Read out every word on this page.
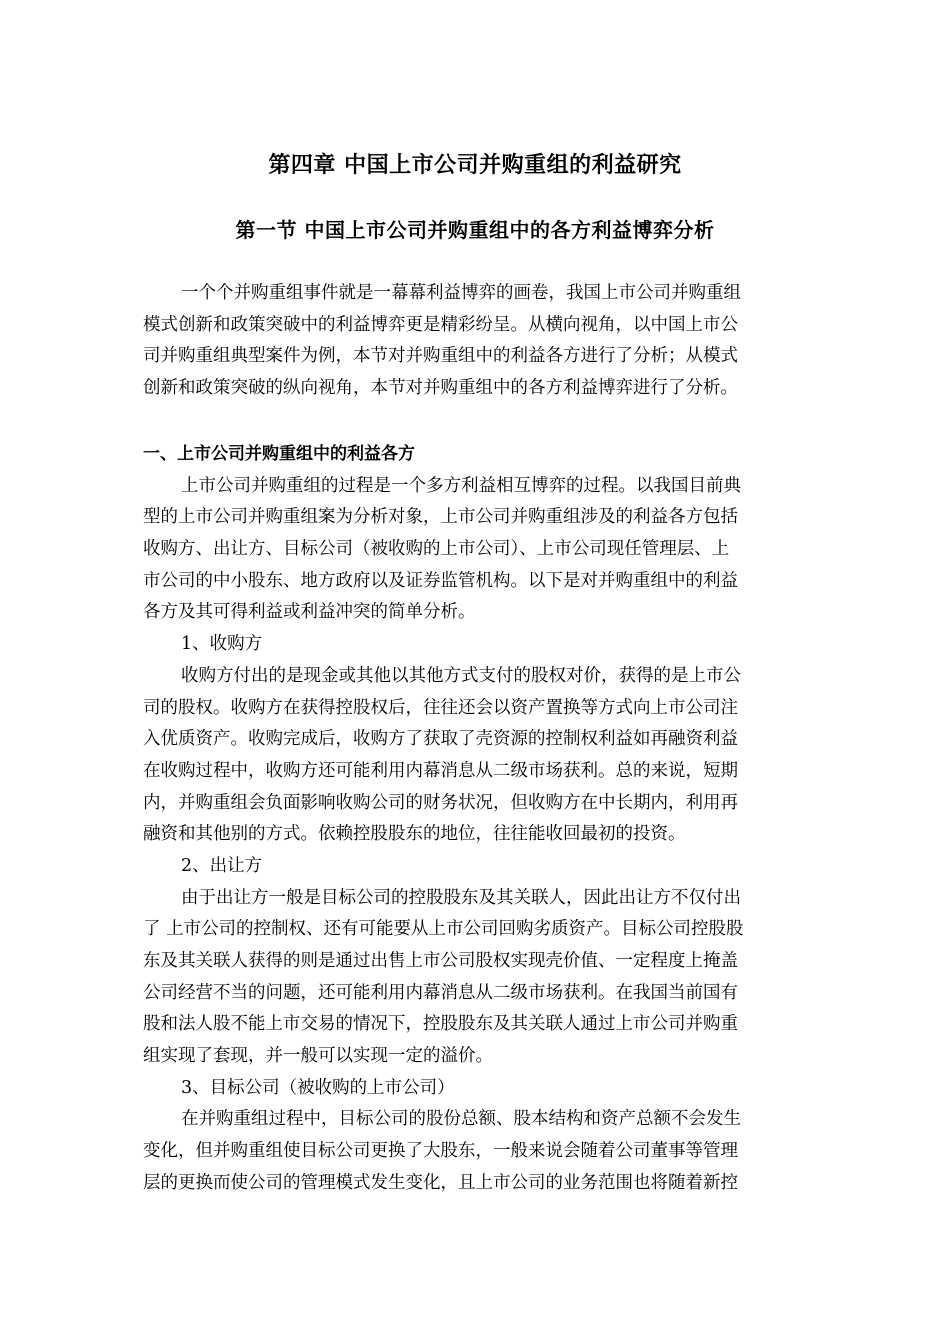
第四章 中国上市公司并购重组的利益研究
第一节 中国上市公司并购重组中的各方利益博弈分析
一个个并购重组事件就是一幕幕利益博弈的画卷，我国上市公司并购重组
模式创新和政策突破中的利益博弈更是精彩纷呈。从横向视角，以中国上市公
司并购重组典型案件为例，本节对并购重组中的利益各方进行了分析；从模式
创新和政策突破的纵向视角，本节对并购重组中的各方利益博弈进行了分析。
一、上市公司并购重组中的利益各方
上市公司并购重组的过程是一个多方利益相互博弈的过程。以我国目前典
型的上市公司并购重组案为分析对象，上市公司并购重组涉及的利益各方包括
收购方、出让方、目标公司（被收购的上市公司）、上市公司现任管理层、上
市公司的中小股东、地方政府以及证券监管机构。以下是对并购重组中的利益
各方及其可得利益或利益冲突的简单分析。
1、收购方
收购方付出的是现金或其他以其他方式支付的股权对价，获得的是上市公
司的股权。收购方在获得控股权后，往往还会以资产置换等方式向上市公司注
入优质资产。收购完成后，收购方了获取了壳资源的控制权利益如再融资利益
在收购过程中，收购方还可能利用内幕消息从二级市场获利。总的来说，短期
内，并购重组会负面影响收购公司的财务状况，但收购方在中长期内，利用再
融资和其他别的方式。依赖控股股东的地位，往往能收回最初的投资。
2、出让方
由于出让方一般是目标公司的控股股东及其关联人，因此出让方不仅付出
了 上市公司的控制权、还有可能要从上市公司回购劣质资产。目标公司控股股
东及其关联人获得的则是通过出售上市公司股权实现壳价值、一定程度上掩盖
公司经营不当的问题，还可能利用内幕消息从二级市场获利。在我国当前国有
股和法人股不能上市交易的情况下，控股股东及其关联人通过上市公司并购重
组实现了套现，并一般可以实现一定的溢价。
3、目标公司（被收购的上市公司）
在并购重组过程中，目标公司的股份总额、股本结构和资产总额不会发生
变化，但并购重组使目标公司更换了大股东，一般来说会随着公司董事等管理
层的更换而使公司的管理模式发生变化，且上市公司的业务范围也将随着新控
